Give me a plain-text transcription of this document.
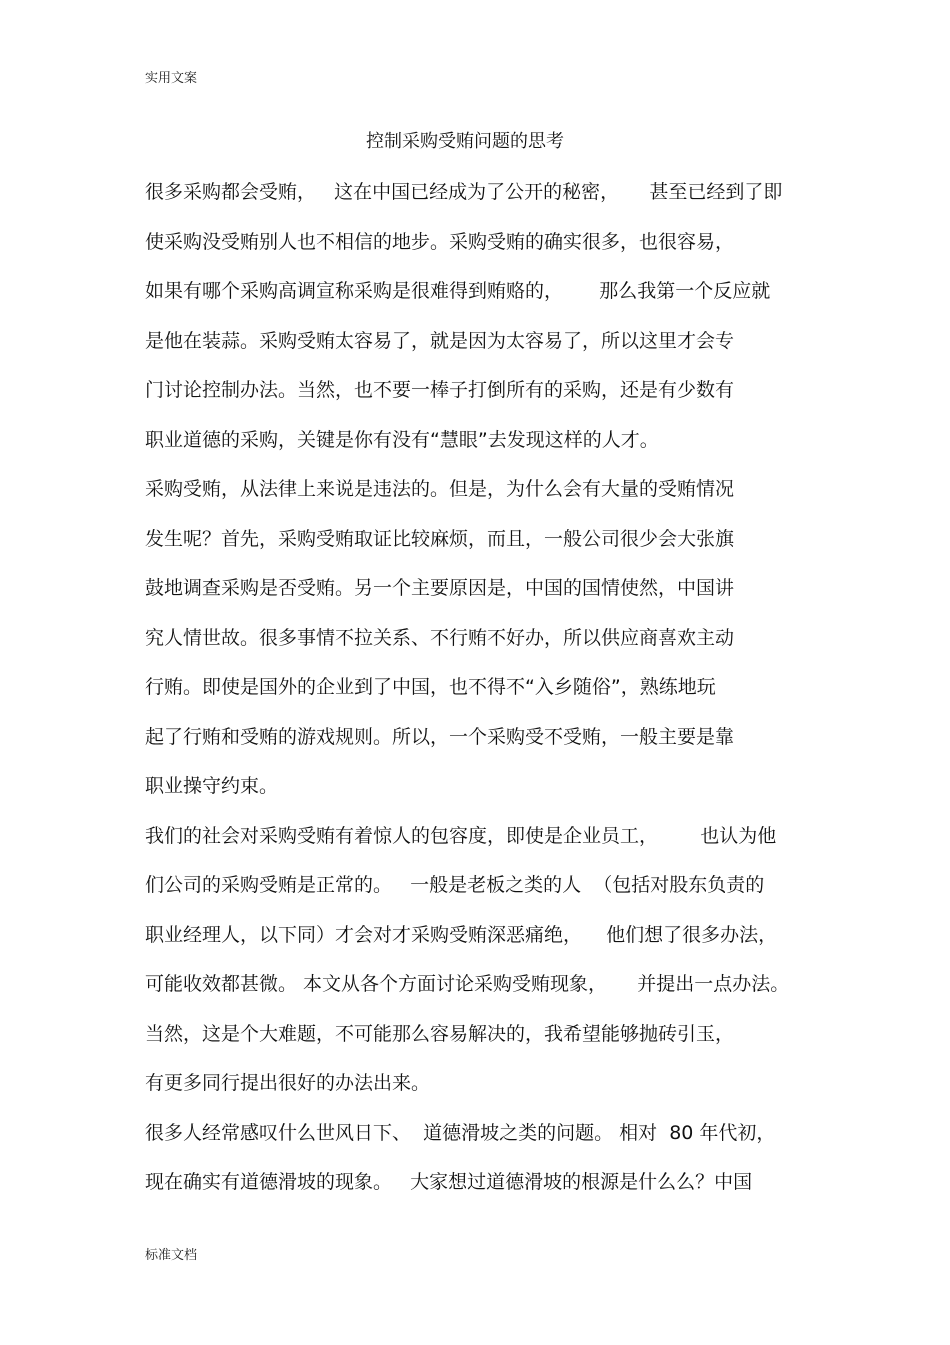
实用文案
控制采购受贿问题的思考
很多采购都会受贿，   这在中国已经成为了公开的秘密，     甚至已经到了即
使采购没受贿别人也不相信的地步。采购受贿的确实很多，也很容易，
如果有哪个采购高调宣称采购是很难得到贿赂的，      那么我第一个反应就
是他在装蒜。采购受贿太容易了，就是因为太容易了，所以这里才会专
门讨论控制办法。当然，也不要一棒子打倒所有的采购，还是有少数有
职业道德的采购，关键是你有没有“慧眼”去发现这样的人才。
采购受贿，从法律上来说是违法的。但是，为什么会有大量的受贿情况
发生呢？首先，采购受贿取证比较麻烦，而且，一般公司很少会大张旗
鼓地调查采购是否受贿。另一个主要原因是，中国的国情使然，中国讲
究人情世故。很多事情不拉关系、不行贿不好办，所以供应商喜欢主动
行贿。即使是国外的企业到了中国，也不得不“入乡随俗”，熟练地玩
起了行贿和受贿的游戏规则。所以，一个采购受不受贿，一般主要是靠
职业操守约束。
我们的社会对采购受贿有着惊人的包容度，即使是企业员工，       也认为他
们公司的采购受贿是正常的。   一般是老板之类的人  （包括对股东负责的
职业经理人，以下同）才会对才采购受贿深恶痛绝，    他们想了很多办法，
可能收效都甚微。 本文从各个方面讨论采购受贿现象，     并提出一点办法。
当然，这是个大难题，不可能那么容易解决的，我希望能够抛砖引玉，
有更多同行提出很好的办法出来。
很多人经常感叹什么世风日下、  道德滑坡之类的问题。 相对  80 年代初，
现在确实有道德滑坡的现象。   大家想过道德滑坡的根源是什么么？中国
标准文档
